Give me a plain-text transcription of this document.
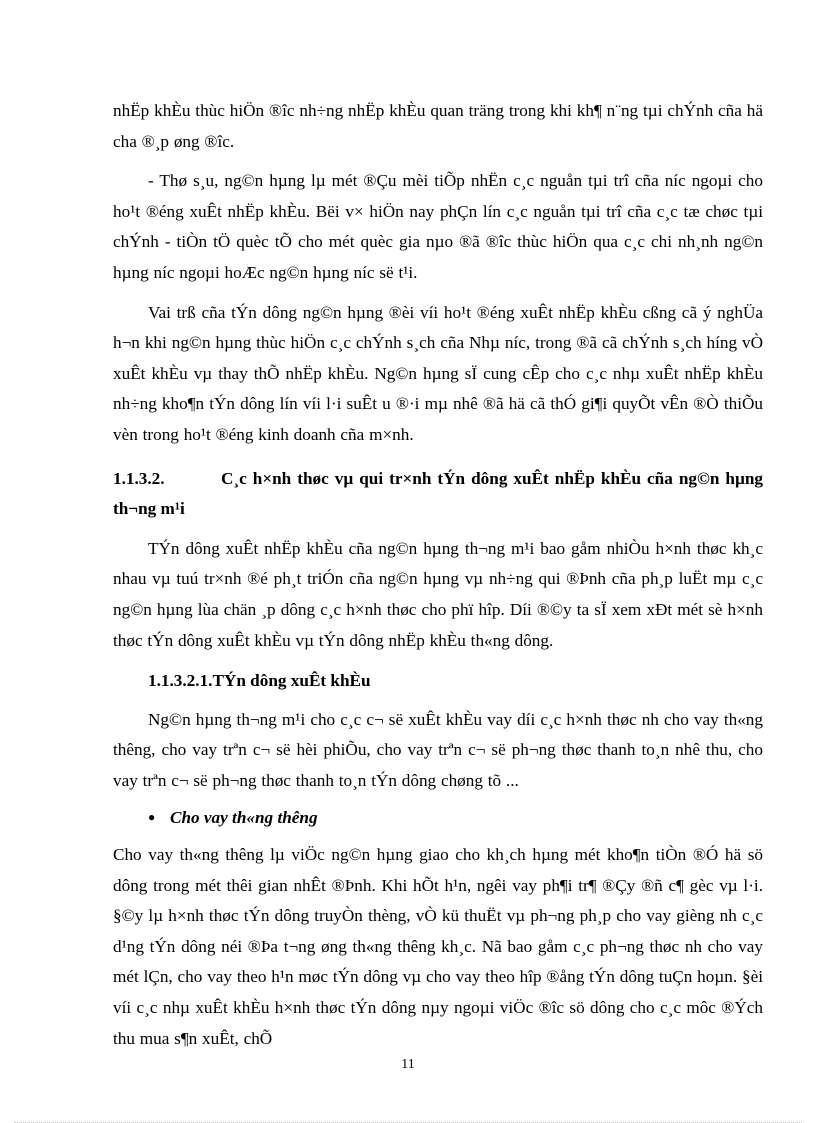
nhËp khÈu thùc hiÖn ®îc nh÷ng nhËp khÈu quan träng trong khi kh¶ n¨ng tµi chÝnh cña hä cha ®¸p øng ®îc.

- Thø s¸u, ng©n hµng lµ mét ®Çu mèi tiÕp nhËn c¸c nguån tµi trî cña níc ngoµi cho ho¹t ®éng xuÊt nhËp khÈu. Bëi v× hiÖn nay phÇn lín c¸c nguån tµi trî cña c¸c tæ chøc tµi chÝnh - tiÒn tÖ quèc tÕ cho mét quèc gia nµo ®ã ®îc thùc hiÖn qua c¸c chi nh¸nh ng©n hµng níc ngoµi hoÆc ng©n hµng níc së t¹i.

Vai trß cña tÝn dông ng©n hµng ®èi víi ho¹t ®éng xuÊt nhËp khÈu cßng cã ý nghÜa h¬n khi ng©n hµng thùc hiÖn c¸c chÝnh s¸ch cña Nhµ níc, trong ®ã cã chÝnh s¸ch híng vÒ xuÊt khÈu vµ thay thÕ nhËp khÈu. Ng©n hµng sÏ cung cÊp cho c¸c nhµ xuÊt nhËp khÈu nh÷ng kho¶n tÝn dông lín víi l·i suÊt u ®·i mµ nhê ®ã hä cã thÓ gi¶i quyÕt vÊn ®Ò thiÕu vèn trong ho¹t ®éng kinh doanh cña m×nh.

1.1.3.2.	C¸c h×nh thøc vµ qui tr×nh tÝn dông xuÊt nhËp khÈu cña ng©n hµng th¬ng m¹i

TÝn dông xuÊt nhËp khÈu cña ng©n hµng th¬ng m¹i bao gåm nhiÒu h×nh thøc kh¸c nhau vµ tuú tr×nh ®é ph¸t triÓn cña ng©n hµng vµ nh÷ng qui ®Þnh cña ph¸p luËt mµ c¸c ng©n hµng lùa chän ¸p dông c¸c h×nh thøc cho phï hîp. Díi ®©y ta sÏ xem xÐt mét sè h×nh thøc tÝn dông xuÊt khÈu vµ tÝn dông nhËp khÈu th«ng dông.

1.1.3.2.1.TÝn dông xuÊt khÈu

Ng©n hµng th¬ng m¹i cho c¸c c¬ së xuÊt khÈu vay díi c¸c h×nh thøc nh cho vay th«ng thêng, cho vay trªn c¬ së hèi phiÕu, cho vay trªn c¬ së ph¬ng thøc thanh to¸n nhê thu, cho vay trªn c¬ së ph¬ng thøc thanh to¸n tÝn dông chøng tõ ...

● Cho vay th«ng thêng

Cho vay th«ng thêng lµ viÖc ng©n hµng giao cho kh¸ch hµng mét kho¶n tiÒn ®Ó hä sö dông trong mét thêi gian nhÊt ®Þnh. Khi hÕt h¹n, ngêi vay ph¶i tr¶ ®Çy ®ñ c¶ gèc vµ l·i. §©y lµ h×nh thøc tÝn dông truyÒn thèng, vÒ kü thuËt vµ ph¬ng ph¸p cho vay gièng nh c¸c d¹ng tÝn dông néi ®Þa t¬ng øng th«ng thêng kh¸c. Nã bao gåm c¸c ph¬ng thøc nh cho vay mét lÇn, cho vay theo h¹n møc tÝn dông vµ cho vay theo hîp ®ång tÝn dông tuÇn hoµn. §èi víi c¸c nhµ xuÊt khÈu h×nh thøc tÝn dông nµy ngoµi viÖc ®îc sö dông cho c¸c môc ®Ých thu mua s¶n xuÊt, chÕ

11
